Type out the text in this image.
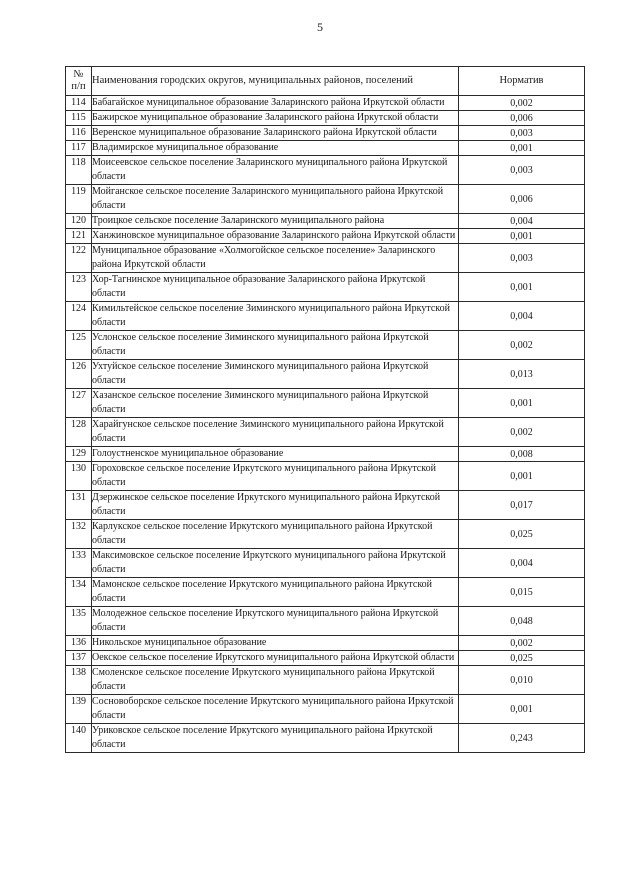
5
№
п/п	Наименования городских округов, муниципальных районов, поселений	Норматив
114	Бабагайское муниципальное образование Заларинского района Иркутской области	0,002
115	Бажирское муниципальное образование Заларинского района Иркутской области	0,006
116	Веренское муниципальное образование Заларинского района Иркутской области	0,003
117	Владимирское муниципальное образование	0,001
118	Моисеевское сельское поселение Заларинского муниципального района Иркутской области	0,003
119	Мойганское сельское поселение Заларинского муниципального района Иркутской области	0,006
120	Троицкое сельское поселение Заларинского муниципального района	0,004
121	Ханжиновское муниципальное образование Заларинского района Иркутской области	0,001
122	Муниципальное образование «Холмогойское сельское поселение» Заларинского района Иркутской области	0,003
123	Хор-Тагнинское муниципальное образование Заларинского района Иркутской области	0,001
124	Кимильтейское сельское поселение Зиминского муниципального района Иркутской области	0,004
125	Услонское сельское поселение Зиминского муниципального района Иркутской области	0,002
126	Ухтуйское сельское поселение Зиминского муниципального района Иркутской области	0,013
127	Хазанское сельское поселение Зиминского муниципального района Иркутской области	0,001
128	Харайгунское сельское поселение Зиминского муниципального района Иркутской области	0,002
129	Голоустненское муниципальное образование	0,008
130	Гороховское сельское поселение Иркутского муниципального района Иркутской области	0,001
131	Дзержинское сельское поселение Иркутского муниципального района Иркутской области	0,017
132	Карлукское сельское поселение Иркутского муниципального района Иркутской области	0,025
133	Максимовское сельское поселение Иркутского муниципального района Иркутской области	0,004
134	Мамонское сельское поселение Иркутского муниципального района Иркутской области	0,015
135	Молодежное сельское поселение Иркутского муниципального района Иркутской области	0,048
136	Никольское муниципальное образование	0,002
137	Оекское сельское поселение Иркутского муниципального района Иркутской области	0,025
138	Смоленское сельское поселение Иркутского муниципального района Иркутской области	0,010
139	Сосновоборское сельское поселение Иркутского муниципального района Иркутской области	0,001
140	Уриковское сельское поселение Иркутского муниципального района Иркутской области	0,243
